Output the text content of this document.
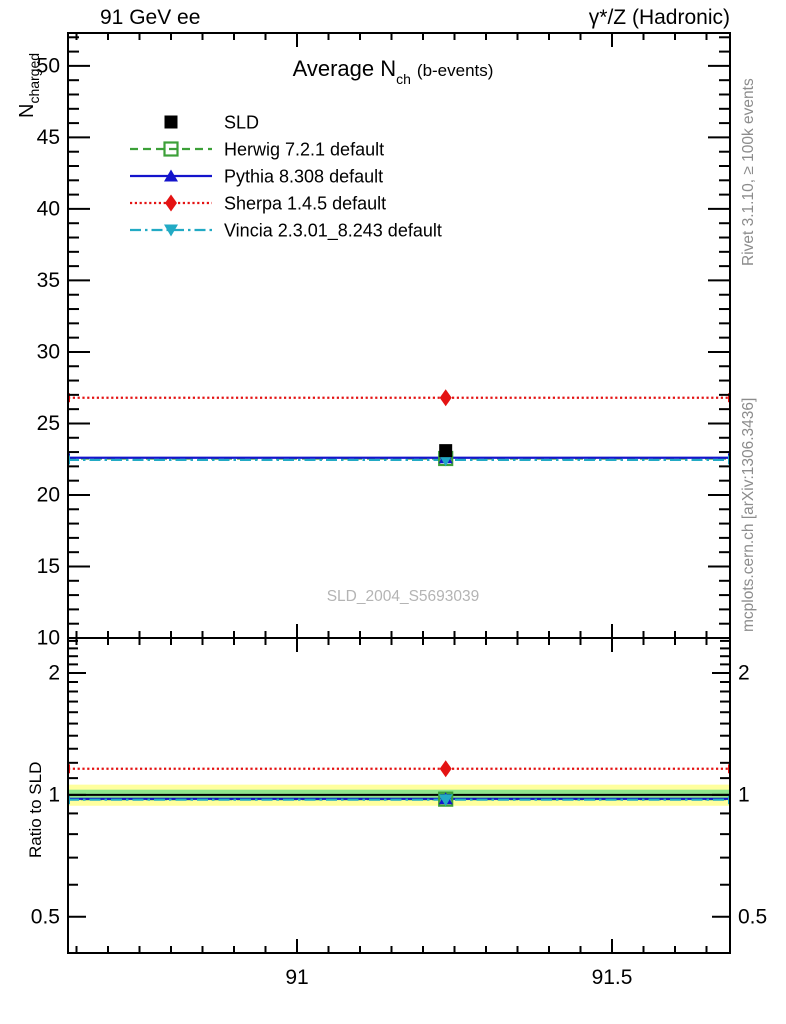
91 GeV ee	γ*/Z (Hadronic)
Average Nch (b-events)
$N_{charged}$
Ratio to SLD
Rivet 3.1.10, ≥ 100k events
mcplots.cern.ch [arXiv:1306.3436]
SLD_2004_S5693039
91	91.5
10
15
20
25
30
35
40
45
50
0.5	0.5
1	1
2	2
SLD
Herwig 7.2.1 default
Pythia 8.308 default
Sherpa 1.4.5 default
Vincia 2.3.01_8.243 default
